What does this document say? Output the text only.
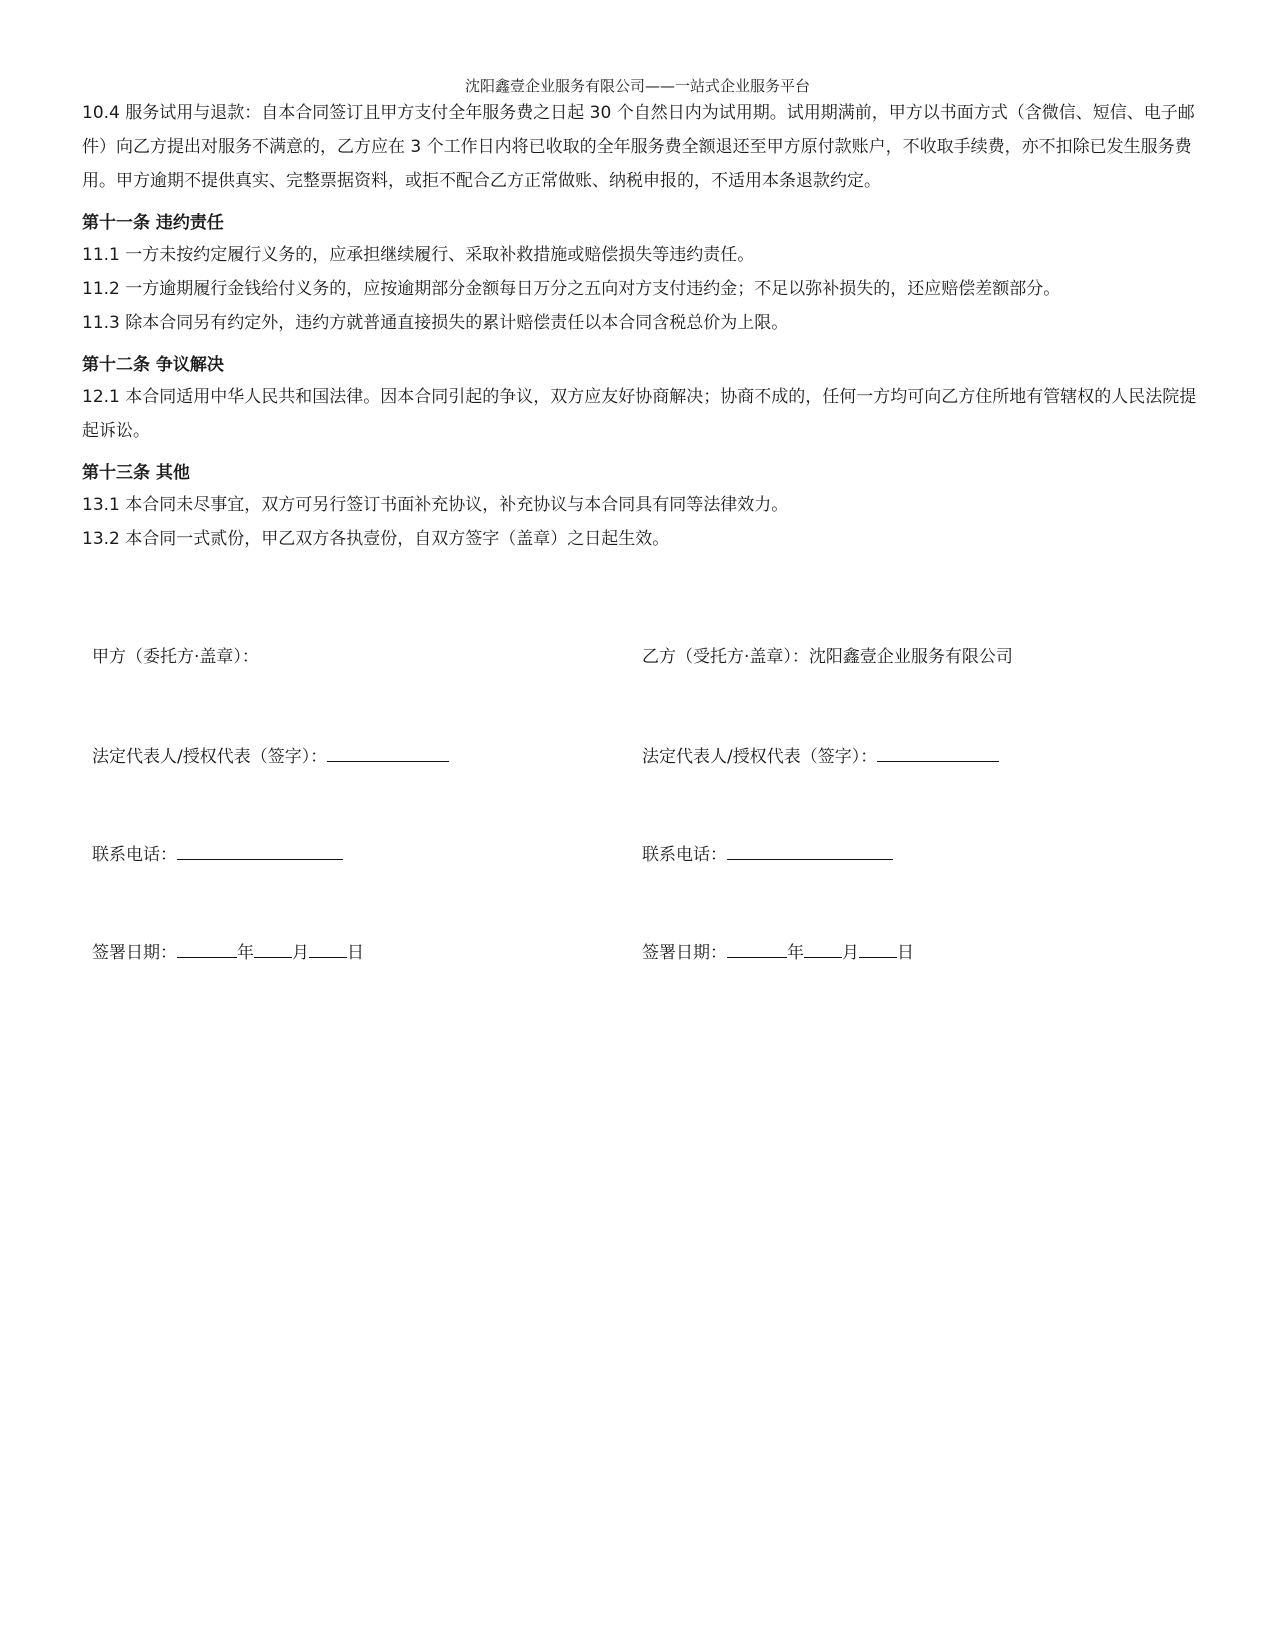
沈阳鑫壹企业服务有限公司——一站式企业服务平台

10.4 服务试用与退款：自本合同签订且甲方支付全年服务费之日起 30 个自然日内为试用期。试用期满前，甲方以书面方式（含微信、短信、电子邮件）向乙方提出对服务不满意的，乙方应在 3 个工作日内将已收取的全年服务费全额退还至甲方原付款账户，不收取手续费，亦不扣除已发生服务费用。甲方逾期不提供真实、完整票据资料，或拒不配合乙方正常做账、纳税申报的，不适用本条退款约定。

第十一条 违约责任

11.1 一方未按约定履行义务的，应承担继续履行、采取补救措施或赔偿损失等违约责任。

11.2 一方逾期履行金钱给付义务的，应按逾期部分金额每日万分之五向对方支付违约金；不足以弥补损失的，还应赔偿差额部分。

11.3 除本合同另有约定外，违约方就普通直接损失的累计赔偿责任以本合同含税总价为上限。

第十二条 争议解决

12.1 本合同适用中华人民共和国法律。因本合同引起的争议，双方应友好协商解决；协商不成的，任何一方均可向乙方住所地有管辖权的人民法院提起诉讼。

第十三条 其他

13.1 本合同未尽事宜，双方可另行签订书面补充协议，补充协议与本合同具有同等法律效力。

13.2 本合同一式贰份，甲乙双方各执壹份，自双方签字（盖章）之日起生效。

甲方（委托方·盖章）：	乙方（受托方·盖章）：沈阳鑫壹企业服务有限公司
法定代表人/授权代表（签字）：	法定代表人/授权代表（签字）：
联系电话：	联系电话：
签署日期：	年 月 日	签署日期：	年 月 日
